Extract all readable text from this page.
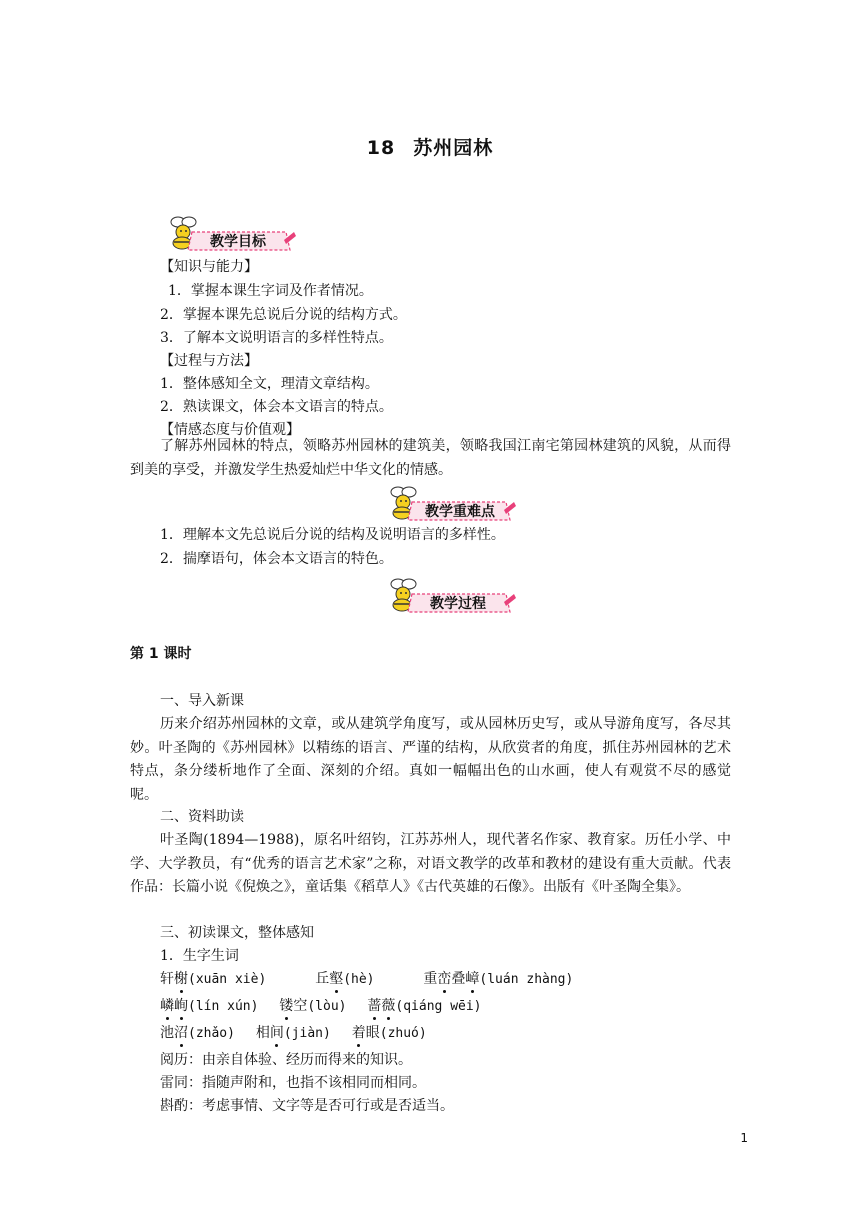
18 苏州园林
教学目标
【知识与能力】
1．掌握本课生字词及作者情况。
2．掌握本课先总说后分说的结构方式。
3．了解本文说明语言的多样性特点。
【过程与方法】
1．整体感知全文，理清文章结构。
2．熟读课文，体会本文语言的特点。
【情感态度与价值观】
了解苏州园林的特点，领略苏州园林的建筑美，领略我国江南宅第园林建筑的风貌，从而得到美的享受，并激发学生热爱灿烂中华文化的情感。
教学重难点
1．理解本文先总说后分说的结构及说明语言的多样性。
2．揣摩语句，体会本文语言的特色。
教学过程
第 1 课时
一、导入新课
历来介绍苏州园林的文章，或从建筑学角度写，或从园林历史写，或从导游角度写，各尽其妙。叶圣陶的《苏州园林》以精练的语言、严谨的结构，从欣赏者的角度，抓住苏州园林的艺术特点，条分缕析地作了全面、深刻的介绍。真如一幅幅出色的山水画，使人有观赏不尽的感觉呢。
二、资料助读
叶圣陶(1894—1988)，原名叶绍钧，江苏苏州人，现代著名作家、教育家。历任小学、中学、大学教员，有“优秀的语言艺术家”之称，对语文教学的改革和教材的建设有重大贡献。代表作品：长篇小说《倪焕之》，童话集《稻草人》《古代英雄的石像》。出版有《叶圣陶全集》。
三、初读课文，整体感知
1．生字生词
轩榭(xuān xiè)	丘壑(hè)	重峦叠嶂(luán zhàng)
嶙峋(lín xún) 镂空(lòu) 蔷薇(qiáng wēi)
池沼(zhǎo) 相间(jiàn) 着眼(zhuó)
阅历：由亲自体验、经历而得来的知识。
雷同：指随声附和，也指不该相同而相同。
斟酌：考虑事情、文字等是否可行或是否适当。
1
